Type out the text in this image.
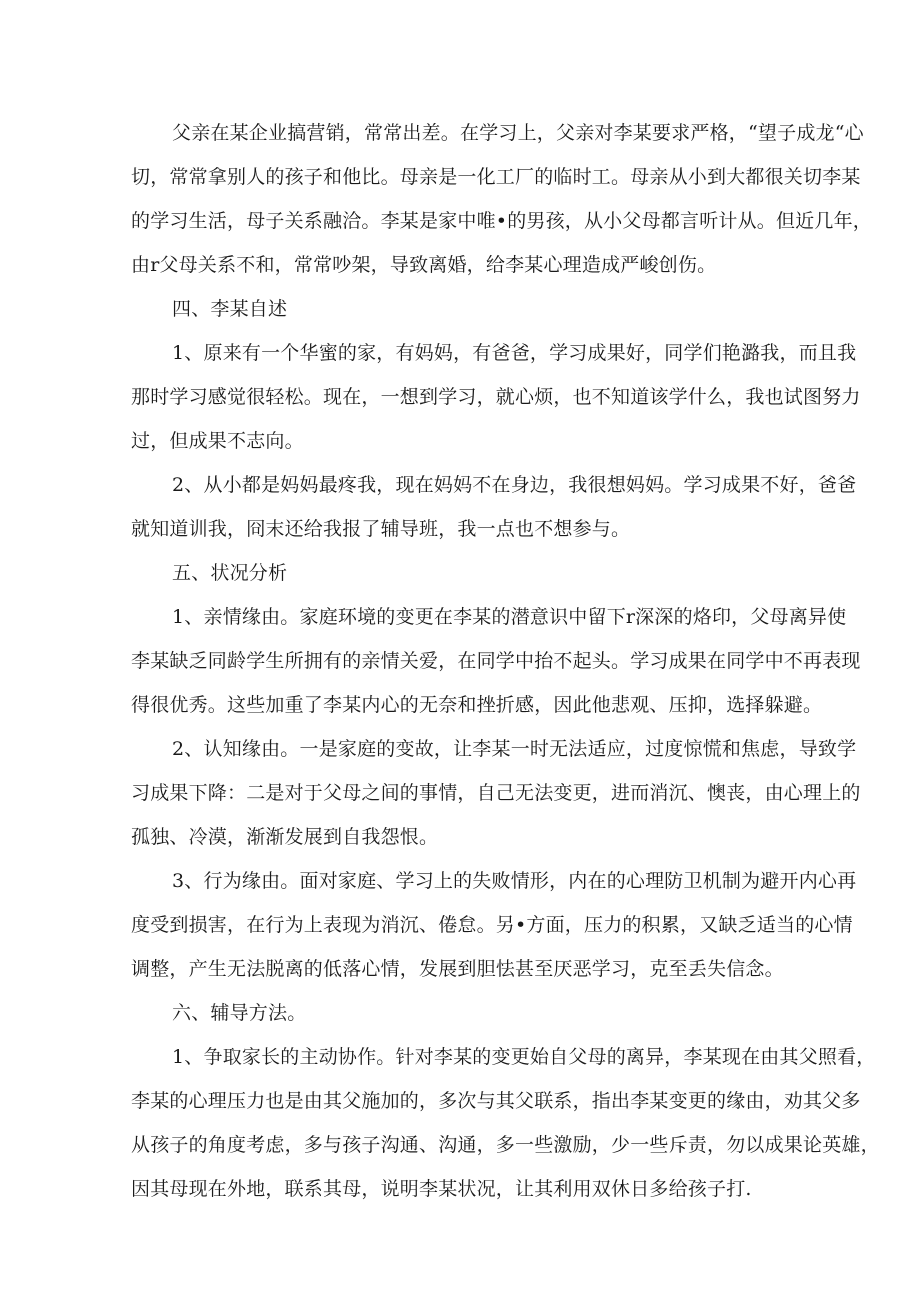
父亲在某企业搞营销，常常出差。在学习上，父亲对李某要求严格，“望子成龙“心

切，常常拿别人的孩子和他比。母亲是一化工厂的临时工。母亲从小到大都很关切李某

的学习生活，母子关系融洽。李某是家中唯•的男孩，从小父母都言听计从。但近几年，

由r父母关系不和，常常吵架，导致离婚，给李某心理造成严峻创伤。

四、李某自述

1、原来有一个华蜜的家，有妈妈，有爸爸，学习成果好，同学们艳潞我，而且我

那时学习感觉很轻松。现在，一想到学习，就心烦，也不知道该学什么，我也试图努力

过，但成果不志向。

2、从小都是妈妈最疼我，现在妈妈不在身边，我很想妈妈。学习成果不好，爸爸

就知道训我，冏末还给我报了辅导班，我一点也不想参与。

五、状况分析

1、亲情缘由。家庭环境的变更在李某的潜意识中留下r深深的烙印，父母离异使

李某缺乏同龄学生所拥有的亲情关爱，在同学中抬不起头。学习成果在同学中不再表现

得很优秀。这些加重了李某内心的无奈和挫折感，因此他悲观、压抑，选择躲避。

2、认知缘由。一是家庭的变故，让李某一时无法适应，过度惊慌和焦虑，导致学

习成果下降：二是对于父母之间的事情，自己无法变更，进而消沉、懊丧，由心理上的

孤独、冷漠，渐渐发展到自我怨恨。

3、行为缘由。面对家庭、学习上的失败情形，内在的心理防卫机制为避开内心再

度受到损害，在行为上表现为消沉、倦怠。另•方面，压力的积累，又缺乏适当的心情

调整，产生无法脱离的低落心情，发展到胆怯甚至厌恶学习，克至丢失信念。

六、辅导方法。

1、争取家长的主动协作。针对李某的变更始自父母的离异，李某现在由其父照看，

李某的心理压力也是由其父施加的，多次与其父联系，指出李某变更的缘由，劝其父多

从孩子的角度考虑，多与孩子沟通、沟通，多一些激励，少一些斥责，勿以成果论英雄，

因其母现在外地，联系其母，说明李某状况，让其利用双休日多给孩子打.
